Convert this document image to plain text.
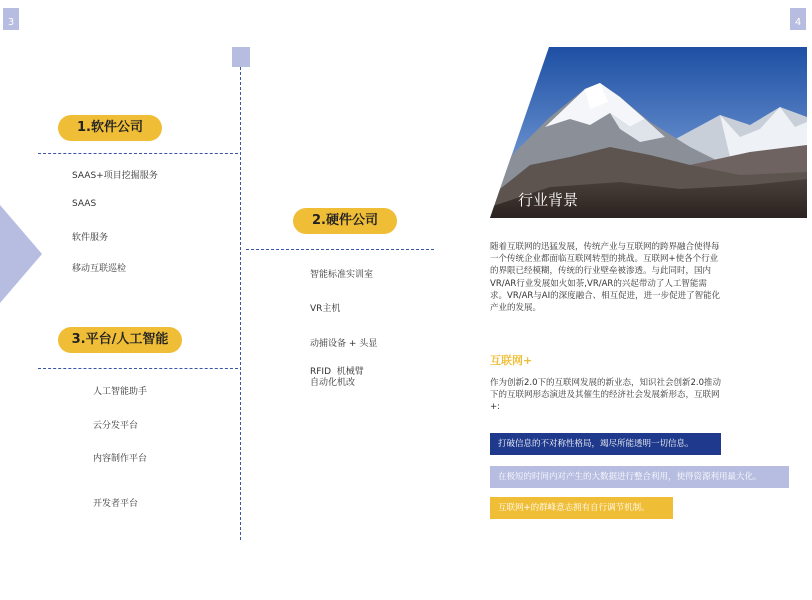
3	4
1.软件公司
SAAS+项目挖掘服务
SAAS
软件服务
移动互联巡检
3.平台/人工智能
人工智能助手
云分发平台
内容制作平台
开发者平台
2.硬件公司
智能标准实训室
VR主机
动捕设备 + 头显
RFID  机械臂
自动化机改
行业背景
随着互联网的迅猛发展，传统产业与互联网的跨界融合使得每一个传统企业都面临互联网转型的挑战。互联网+使各个行业的界限已经模糊，传统的行业壁垒被渗透。与此同时，国内VR/AR行业发展如火如荼,VR/AR的兴起带动了人工智能需求。VR/AR与AI的深度融合、相互促进，进一步促进了智能化产业的发展。
互联网+
作为创新2.0下的互联网发展的新业态，知识社会创新2.0推动下的互联网形态演进及其催生的经济社会发展新形态，互联网+:
打破信息的不对称性格局，竭尽所能透明一切信息。
在极短的时间内对产生的大数据进行整合利用，使得资源利用最大化。
互联网+的群峰意志拥有自行调节机制。
